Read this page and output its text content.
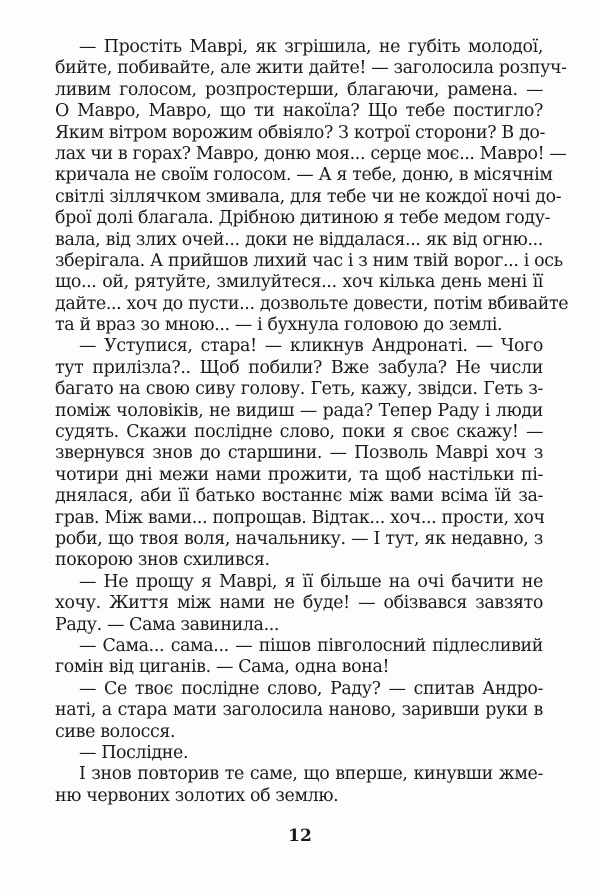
— Простіть Маврі, як згрішила, не губіть молодої,
бийте, побивайте, але жити дайте! — заголосила розпуч-
ливим голосом, розпростерши, благаючи, рамена. —
О Мавро, Мавро, що ти накоїла? Що тебе постигло?
Яким вітром ворожим обвіяло? З котрої сторони? В до-
лах чи в горах? Мавро, доню моя... серце моє... Мавро! —
кричала не своїм голосом. — А я тебе, доню, в місячнім
світлі зіллячком змивала, для тебе чи не кождої ночі до-
брої долі благала. Дрібною дитиною я тебе медом году-
вала, від злих очей... доки не віддалася... як від огню...
зберігала. А прийшов лихий час і з ним твій ворог... і ось
що... ой, рятуйте, змилуйтеся... хоч кілька день мені її
дайте... хоч до пусти... дозвольте довести, потім вбивайте
та й враз зо мною... — і бухнула головою до землі.
— Уступися, стара! — кликнув Андронаті. — Чого
тут прилізла?.. Щоб побили? Вже забула? Не числи
багато на свою сиву голову. Геть, кажу, звідси. Геть з-
поміж чоловіків, не видиш — рада? Тепер Раду і люди
судять. Скажи послідне слово, поки я своє скажу! —
звернувся знов до старшини. — Позволь Маврі хоч з
чотири дні межи нами прожити, та щоб настільки пі-
днялася, аби її батько востаннє між вами всіма їй за-
грав. Між вами... попрощав. Відтак... хоч... прости, хоч
роби, що твоя воля, начальнику. — І тут, як недавно, з
покорою знов схилився.
— Не прощу я Маврі, я її більше на очі бачити не
хочу. Життя між нами не буде! — обізвався завзято
Раду. — Сама завинила...
— Сама... сама... — пішов півголосний підлесливий
гомін від циганів. — Сама, одна вона!
— Се твоє послідне слово, Раду? — спитав Андро-
наті, а стара мати заголосила наново, заривши руки в
сиве волосся.
— Послідне.
І знов повторив те саме, що вперше, кинувши жме-
ню червоних золотих об землю.
12
